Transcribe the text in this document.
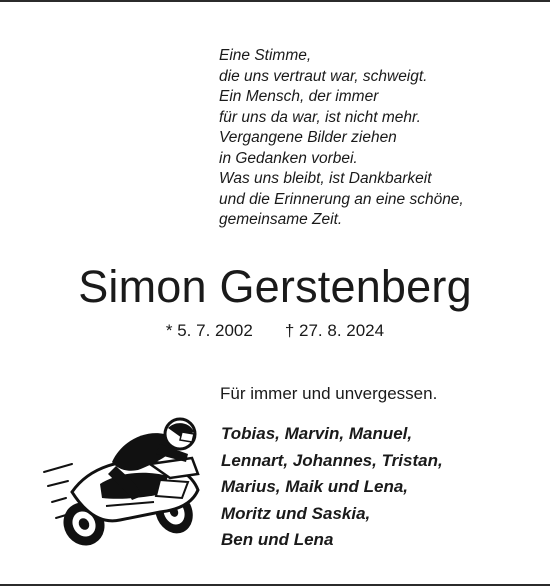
Eine Stimme,
die uns vertraut war, schweigt.
Ein Mensch, der immer
für uns da war, ist nicht mehr.
Vergangene Bilder ziehen
in Gedanken vorbei.
Was uns bleibt, ist Dankbarkeit
und die Erinnerung an eine schöne,
gemeinsame Zeit.
Simon Gerstenberg
* 5. 7. 2002 † 27. 8. 2024
Für immer und unvergessen.
Tobias, Marvin, Manuel,
Lennart, Johannes, Tristan,
Marius, Maik und Lena,
Moritz und Saskia,
Ben und Lena
